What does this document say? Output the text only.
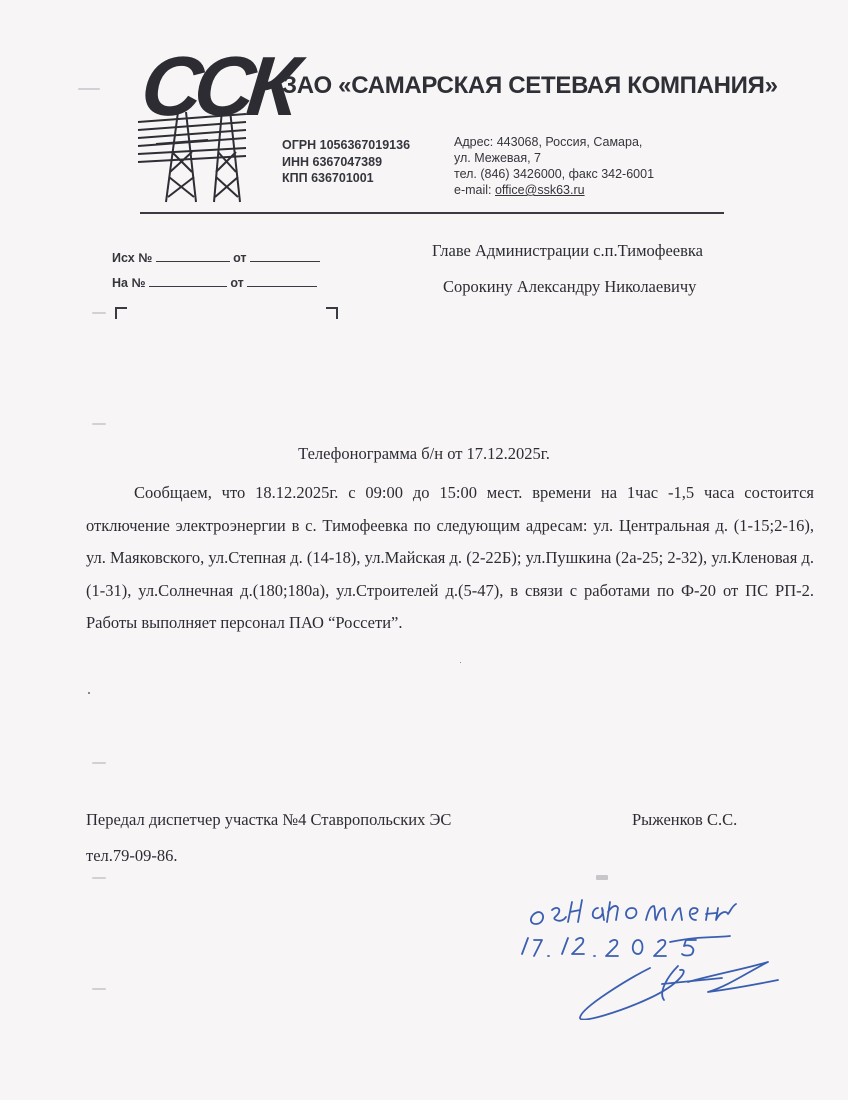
ССК
ЗАО «САМАРСКАЯ СЕТЕВАЯ КОМПАНИЯ»
ОГРН 1056367019136
ИНН 6367047389
КПП 636701001
Адрес: 443068, Россия, Самара,
ул. Межевая, 7
тел. (846) 3426000, факс 342-6001
e-mail: office@ssk63.ru
Исх №	от
На №	от
Главе Администрации с.п.Тимофеевка
Сорокину Александру Николаевичу
Телефонограмма б/н от 17.12.2025г.
Сообщаем, что 18.12.2025г. с 09:00 до 15:00 мест. времени на 1час -1,5 часа состоится отключение электроэнергии в с. Тимофеевка по следующим адресам: ул. Центральная д. (1-15;2-16), ул. Маяковского, ул.Степная д. (14-18), ул.Майская д. (2-22Б); ул.Пушкина (2а-25; 2-32), ул.Кленовая д.(1-31), ул.Солнечная д.(180;180а), ул.Строителей д.(5-47), в связи с работами по Ф-20 от ПС РП-2. Работы выполняет персонал ПАО “Россети”.
Передал диспетчер участка №4 Ставропольских ЭС
тел.79-09-86.
Рыженков С.С.
